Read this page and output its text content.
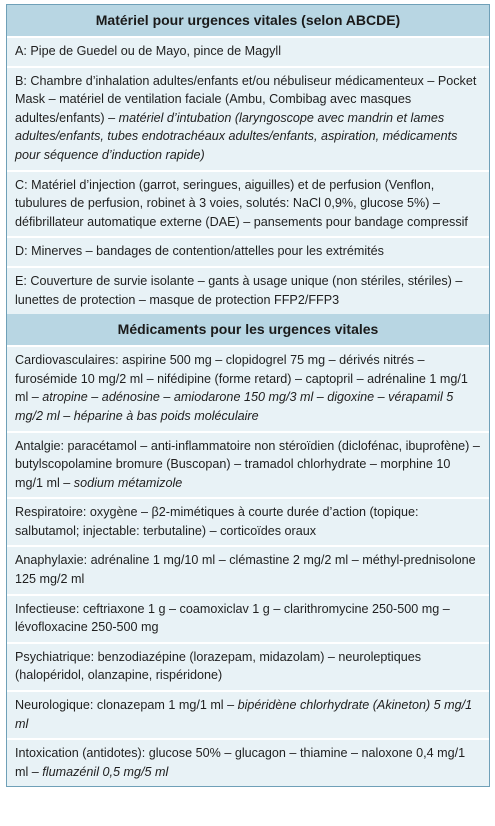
Matériel pour urgences vitales (selon ABCDE)
A: Pipe de Guedel ou de Mayo, pince de Magyll
B: Chambre d’inhalation adultes/enfants et/ou nébuliseur médicamenteux – Pocket Mask – matériel de ventilation faciale (Ambu, Combibag avec masques adultes/enfants) – matériel d’intubation (laryngoscope avec mandrin et lames adultes/enfants, tubes endotrachéaux adultes/enfants, aspiration, médicaments pour séquence d’induction rapide)
C: Matériel d’injection (garrot, seringues, aiguilles) et de perfusion (Venflon, tubulures de perfusion, robinet à 3 voies, solutés: NaCl 0,9%, glucose 5%) – défibrillateur automatique externe (DAE) – pansements pour bandage compressif
D: Minerves – bandages de contention/attelles pour les extrémités
E: Couverture de survie isolante – gants à usage unique (non stériles, stériles) – lunettes de protection – masque de protection FFP2/FFP3
Médicaments pour les urgences vitales
Cardiovasculaires: aspirine 500 mg – clopidogrel 75 mg – dérivés nitrés – furosémide 10 mg/2 ml – nifédipine (forme retard) – captopril – adrénaline 1 mg/1 ml – atropine – adénosine – amiodarone 150 mg/3 ml – digoxine – vérapamil 5 mg/2 ml – héparine à bas poids moléculaire
Antalgie: paracétamol – anti-inflammatoire non stéroïdien (diclofénac, ibuprofène) – butylscopolamine bromure (Buscopan) – tramadol chlorhydrate – morphine 10 mg/1 ml – sodium métamizole
Respiratoire: oxygène – β2-mimétiques à courte durée d’action (topique: salbutamol; injectable: terbutaline) – corticoïdes oraux
Anaphylaxie: adrénaline 1 mg/10 ml – clémastine 2 mg/2 ml – méthyl-prednisolone 125 mg/2 ml
Infectieuse: ceftriaxone 1 g – coamoxiclav 1 g – clarithromycine 250-500 mg – lévofloxacine 250-500 mg
Psychiatrique: benzodiazépine (lorazepam, midazolam) – neuroleptiques (halopéridol, olanzapine, rispéridone)
Neurologique: clonazepam 1 mg/1 ml – bipéridène chlorhydrate (Akineton) 5 mg/1 ml
Intoxication (antidotes): glucose 50% – glucagon – thiamine – naloxone 0,4 mg/1 ml – flumazénil 0,5 mg/5 ml
